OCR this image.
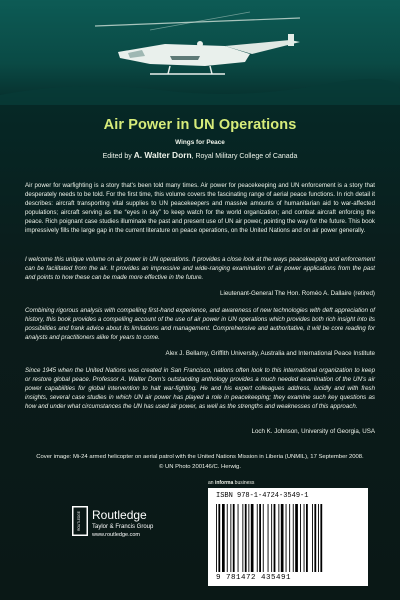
Air Power in UN Operations
Wings for Peace
Edited by A. Walter Dorn, Royal Military College of Canada

Air power for warfighting is a story that's been told many times. Air power for peacekeeping and UN enforcement is a story that desperately needs to be told. For the first time, this volume covers the fascinating range of aerial peace functions. In rich detail it describes: aircraft transporting vital supplies to UN peacekeepers and massive amounts of humanitarian aid to war-affected populations; aircraft serving as the “eyes in sky” to keep watch for the world organization; and combat aircraft enforcing the peace. Rich poignant case studies illuminate the past and present use of UN air power, pointing the way for the future. This book impressively fills the large gap in the current literature on peace operations, on the United Nations and on air power generally.

I welcome this unique volume on air power in UN operations. It provides a close look at the ways peacekeeping and enforcement can be facilitated from the air. It provides an impressive and wide-ranging examination of air power applications from the past and points to how these can be made more effective in the future.

Lieutenant-General The Hon. Roméo A. Dallaire (retired)

Combining rigorous analysis with compelling first-hand experience, and awareness of new technologies with deft appreciation of history, this book provides a compelling account of the use of air power in UN operations which provides both rich insight into its possibilities and frank advice about its limitations and management. Comprehensive and authoritative, it will be core reading for analysts and practitioners alike for years to come.

Alex J. Bellamy, Griffith University, Australia and International Peace Institute

Since 1945 when the United Nations was created in San Francisco, nations often look to this international organization to keep or restore global peace. Professor A. Walter Dorn's outstanding anthology provides a much needed examination of the UN's air power capabilities for global intervention to halt war-fighting. He and his expert colleagues address, lucidly and with fresh insights, several case studies in which UN air power has played a role in peacekeeping; they examine such key questions as how and under what circumstances the UN has used air power, as well as the strengths and weaknesses of this approach.

Loch K. Johnson, University of Georgia, USA
Cover image: Mi-24 armed helicopter on aerial patrol with the United Nations Mission in Liberia (UNMIL), 17 September 2008.
© UN Photo 200146/C. Herwig.
an informa business
ROUTLEDGE Routledge
Taylor & Francis Group
www.routledge.com
ISBN 978-1-4724-3549-1
9 781472 435491
